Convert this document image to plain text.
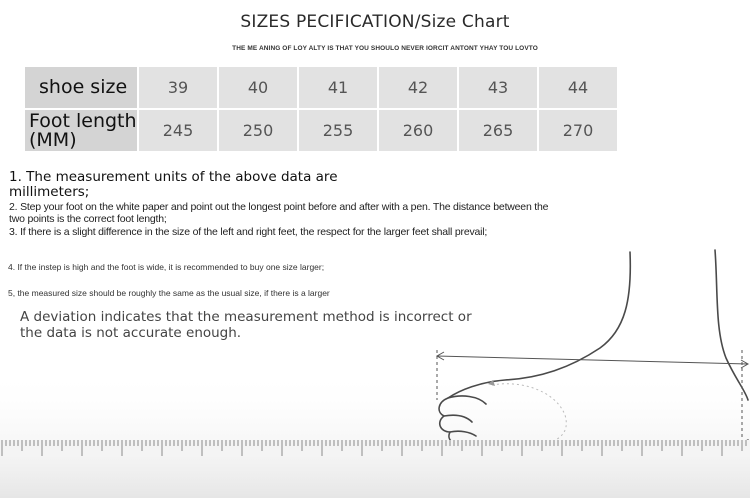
SIZES PECIFICATION/Size Chart
THE ME ANING OF LOY ALTY IS THAT YOU SHOULO NEVER IORCIT ANTONT YHAY TOU LOVTO
shoe size	39	40	41	42	43	44

Foot length
(MM)	245	250	255	260	265	270
1. The measurement units of the above data are millimeters;
2. Step your foot on the white paper and point out the longest point before and after with a pen. The distance between the two points is the correct foot length;
3. If there is a slight difference in the size of the left and right feet, the respect for the larger feet shall prevail;
4. If the instep is high and the foot is wide, it is recommended to buy one size larger;
5, the measured size should be roughly the same as the usual size, if there is a larger
A deviation indicates that the measurement method is incorrect or the data is not accurate enough.
